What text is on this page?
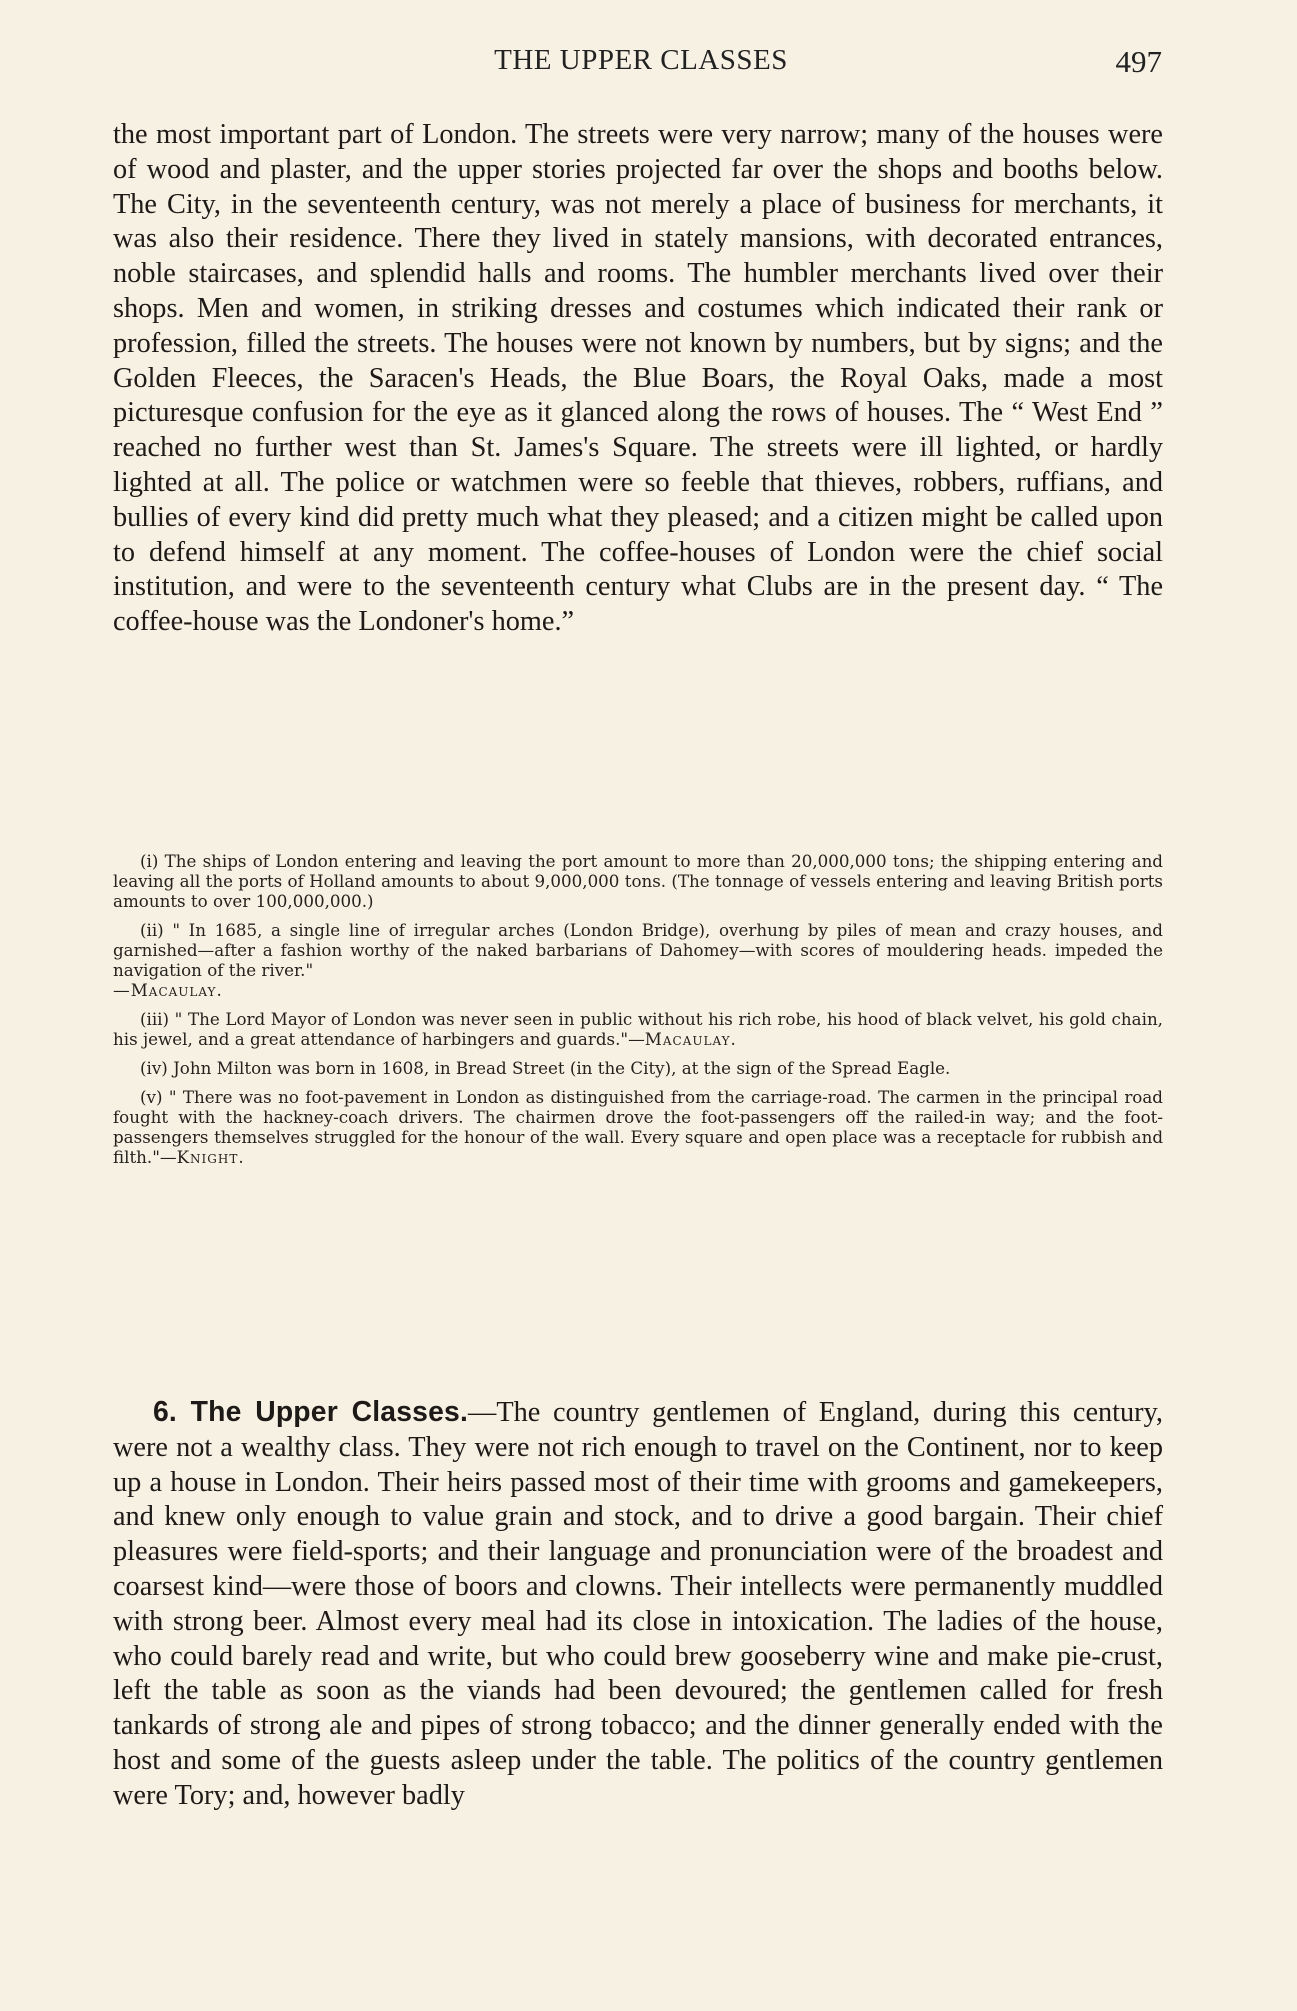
THE UPPER CLASSES	497

the most important part of London. The streets were very narrow; many of the houses were of wood and plaster, and the upper stories projected far over the shops and booths below. The City, in the seventeenth century, was not merely a place of business for merchants, it was also their residence. There they lived in stately mansions, with decorated entrances, noble staircases, and splendid halls and rooms. The humbler merchants lived over their shops. Men and women, in striking dresses and costumes which indicated their rank or profession, filled the streets. The houses were not known by numbers, but by signs; and the Golden Fleeces, the Saracen's Heads, the Blue Boars, the Royal Oaks, made a most picturesque confusion for the eye as it glanced along the rows of houses. The “ West End ” reached no further west than St. James's Square. The streets were ill lighted, or hardly lighted at all. The police or watchmen were so feeble that thieves, robbers, ruffians, and bullies of every kind did pretty much what they pleased; and a citizen might be called upon to defend himself at any moment. The coffee-houses of London were the chief social institution, and were to the seventeenth century what Clubs are in the present day. “ The coffee-house was the Londoner's home.”

(i) The ships of London entering and leaving the port amount to more than 20,000,000 tons; the shipping entering and leaving all the ports of Holland amounts to about 9,000,000 tons. (The tonnage of vessels entering and leaving British ports amounts to over 100,000,000.)

(ii) " In 1685, a single line of irregular arches (London Bridge), overhung by piles of mean and crazy houses, and garnished—after a fashion worthy of the naked barbarians of Dahomey—with scores of mouldering heads. impeded the navigation of the river."
—Macaulay.

(iii) " The Lord Mayor of London was never seen in public without his rich robe, his hood of black velvet, his gold chain, his jewel, and a great attendance of harbingers and guards."—Macaulay.

(iv) John Milton was born in 1608, in Bread Street (in the City), at the sign of the Spread Eagle.

(v) " There was no foot-pavement in London as distinguished from the carriage-road. The carmen in the principal road fought with the hackney-coach drivers. The chairmen drove the foot-passengers off the railed-in way; and the foot-passengers themselves struggled for the honour of the wall. Every square and open place was a receptacle for rubbish and filth."—Knight.

6. The Upper Classes.—The country gentlemen of England, during this century, were not a wealthy class. They were not rich enough to travel on the Continent, nor to keep up a house in London. Their heirs passed most of their time with grooms and gamekeepers, and knew only enough to value grain and stock, and to drive a good bargain. Their chief pleasures were field-sports; and their language and pronunciation were of the broadest and coarsest kind—were those of boors and clowns. Their intellects were permanently muddled with strong beer. Almost every meal had its close in intoxication. The ladies of the house, who could barely read and write, but who could brew gooseberry wine and make pie-crust, left the table as soon as the viands had been devoured; the gentlemen called for fresh tankards of strong ale and pipes of strong tobacco; and the dinner generally ended with the host and some of the guests asleep under the table. The politics of the country gentlemen were Tory; and, however badly
